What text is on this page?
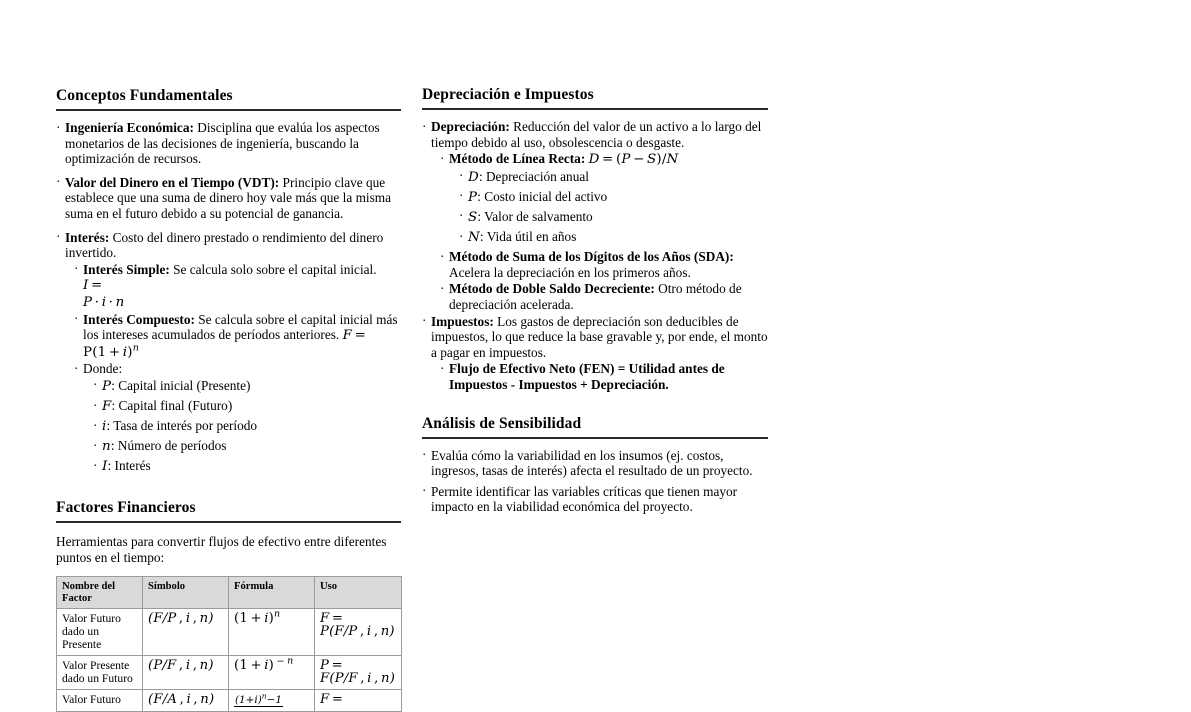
Conceptos Fundamentales
· Ingeniería Económica: Disciplina que evalúa los aspectos monetarios de las decisiones de ingeniería, buscando la optimización de recursos.
· Valor del Dinero en el Tiempo (VDT): Principio clave que establece que una suma de dinero hoy vale más que la misma suma en el futuro debido a su potencial de ganancia.
· Interés: Costo del dinero prestado o rendimiento del dinero invertido.
· Interés Simple: Se calcula solo sobre el capital inicial. I =
P · i · n
· Interés Compuesto: Se calcula sobre el capital inicial más los intereses acumulados de períodos anteriores. F =
$P(1 + i)^n$
· Donde:
· P: Capital inicial (Presente)
· F: Capital final (Futuro)
· i: Tasa de interés por período
· n: Número de períodos
· I: Interés
Factores Financieros

Herramientas para convertir flujos de efectivo entre diferentes puntos en el tiempo:

Nombre del Factor	Símbolo	Fórmula	Uso
Valor Futuro dado un Presente	(F/P , i , n)	$(1 + i)^n$	F =
P(F/P , i , n)
Valor Presente dado un Futuro	(P/F , i , n)	(1 + i) $^{- n}$	P =
F(P/F , i , n)
Valor Futuro	(F/A , i , n)	$(1+i)^n-1$	F =
Depreciación e Impuestos
· Depreciación: Reducción del valor de un activo a lo largo del tiempo debido al uso, obsolescencia o desgaste.
· Método de Línea Recta: D = (P − S)/N
· D: Depreciación anual
· P: Costo inicial del activo
· S: Valor de salvamento
· N: Vida útil en años
· Método de Suma de los Dígitos de los Años (SDA): Acelera la depreciación en los primeros años.
· Método de Doble Saldo Decreciente: Otro método de depreciación acelerada.
· Impuestos: Los gastos de depreciación son deducibles de impuestos, lo que reduce la base gravable y, por ende, el monto a pagar en impuestos.
· Flujo de Efectivo Neto (FEN) = Utilidad antes de Impuestos - Impuestos + Depreciación.
Análisis de Sensibilidad
· Evalúa cómo la variabilidad en los insumos (ej. costos, ingresos, tasas de interés) afecta el resultado de un proyecto.
· Permite identificar las variables críticas que tienen mayor impacto en la viabilidad económica del proyecto.
